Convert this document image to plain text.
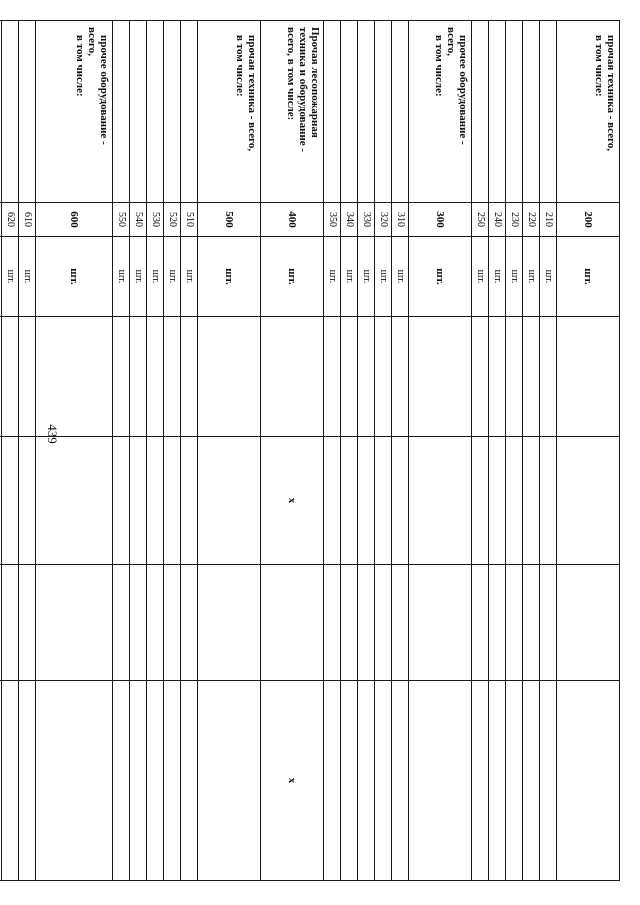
439
прочая техника - всего,
в том числе:	200	шт.				
	210	шт.				
	220	шт.				
	230	шт.				
	240	шт.				
	250	шт.				

прочее оборудование -
всего,
в том числе:	300	шт.				
	310	шт.				
	320	шт.				
	330	шт.				
	340	шт.				
	350	шт.				

Прочая лесопожарная
техника и оборудование -
всего, в том числе:	400	шт.		х		х

прочая техника - всего,
в том числе:	500	шт.				
	510	шт.				
	520	шт.				
	530	шт.				
	540	шт.				
	550	шт.				

прочее оборудование -
всего,
в том числе:	600	шт.				
	610	шт.				
	620	шт.				
